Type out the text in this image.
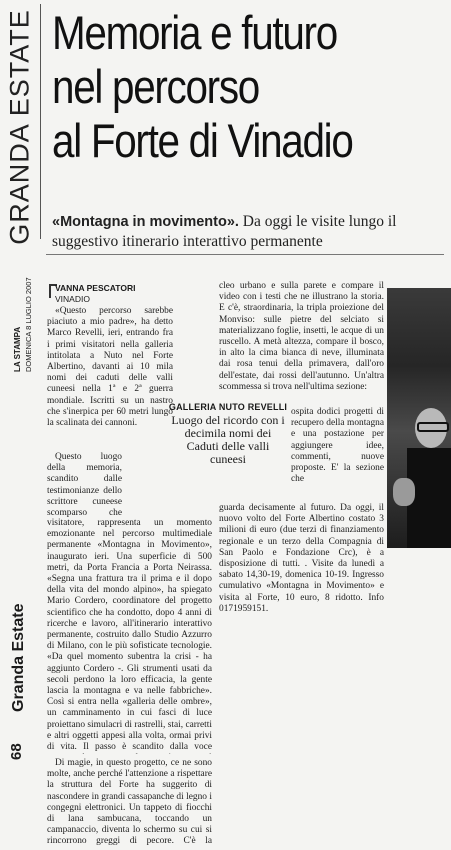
GRANDA ESTATE Memoria e futuro
nel percorso
al Forte di Vinadio
«Montagna in movimento». Da oggi le visite lungo il suggestivo itinerario interattivo permanente
68
Granda Estate
LA STAMPA DOMENICA 8 LUGLIO 2007	VANNA PESCATORI
VINADIO

«Questo percorso sarebbe piaciuto a mio padre», ha detto Marco Revelli, ieri, entrando fra i primi visitatori nella galleria intitolata a Nuto nel Forte Albertino, davanti ai 10 mila nomi dei caduti delle valli cuneesi nella 1ª e 2ª guerra mondiale. Iscritti su un nastro che s'inerpica per 60 metri lungo la scalinata dei cannoni.

Questo luogo della memoria, scandito dalle testimonianze dello scrittore cuneese scomparso che

visitatore, rappresenta un momento emozionante nel percorso multimediale permanente «Montagna in Movimento», inaugurato ieri. Una superficie di 500 metri, da Porta Francia a Porta Neirassa. «Segna una frattura tra il prima e il dopo della vita del mondo alpino», ha spiegato Mario Cordero, coordinatore del progetto scientifico che ha condotto, dopo 4 anni di ricerche e lavoro, all'itinerario interattivo permanente, costruito dallo Studio Azzurro di Milano, con le più sofisticate tecnologie. «Da quel momento subentra la crisi - ha aggiunto Cordero -. Gli strumenti usati da secoli perdono la loro efficacia, la gente lascia la montagna e va nelle fabbriche». Così si entra nella «galleria delle ombre», un camminamento in cui fasci di luce proiettano simulacri di rastrelli, stai, carretti e altri oggetti appesi alla volta, ormai privi di vita. Il passo è scandito dalla voce

Di magie, in questo progetto, ce ne sono molte, anche perché l'attenzione a rispettare la struttura del Forte ha suggerito di nascondere in grandi cassapanche di legno i congegni elettronici. Un tappeto di fiocchi di lana sambucana, toccando un campanaccio, diventa lo schermo su cui si rincorrono greggi di pecore. C'è la

GALLERIA NUTO REVELLI
Luogo del ricordo con i decimila nomi dei Caduti delle valli cuneesi

cleo urbano e sulla parete e compare il video con i testi che ne illustrano la storia. E c'è, straordinaria, la tripla proiezione del Monviso: sulle pietre del selciato si materializzano foglie, insetti, le acque di un ruscello. A metà altezza, compare il bosco, in alto la cima bianca di neve, illuminata dai rosa tenui della primavera, dall'oro dell'estate, dai rossi dell'autunno. Un'altra scommessa si trova nell'ultima sezione:

ospita dodici progetti di recupero della montagna e una postazione per aggiungere idee, commenti, nuove proposte. E' la sezione che

guarda decisamente al futuro. Da oggi, il nuovo volto del Forte Albertino costato 3 milioni di euro (due terzi di finanziamento regionale e un terzo della Compagnia di San Paolo e Fondazione Crc), è a disposizione di tutti. . Visite da lunedì a sabato 14,30-19, domenica 10-19. Ingresso cumulativo «Montagna in Movimento» e visita al Forte, 10 euro, 8 ridotto. Info 0171959151.
